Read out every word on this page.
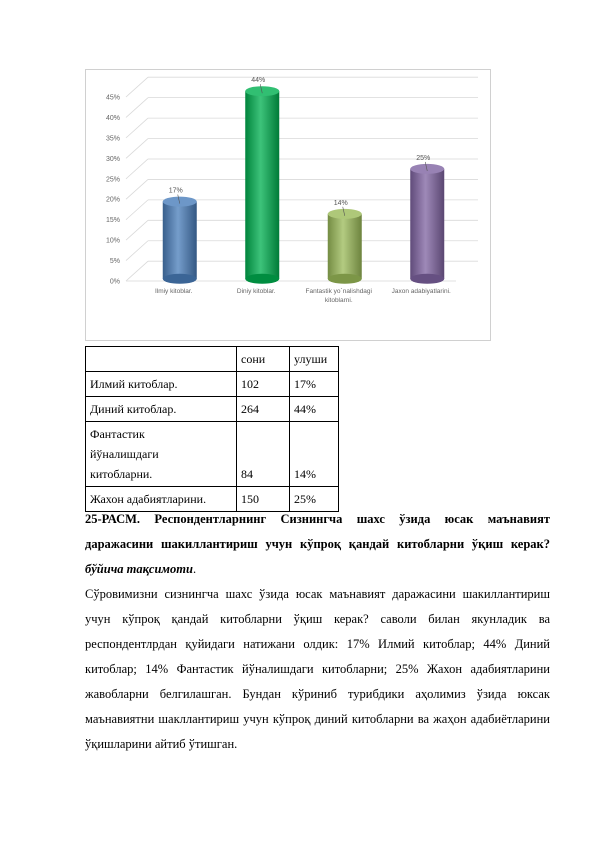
0%
5%
10%
15%
20%
25%
30%
35%
40%
45%
17%
Ilmiy kitoblar.
44%
Diniy kitoblar.
14%
Fantastik yo`nalishdagi
kitoblarni.
25%
Jaxon adabiyatlarini.
	сони	улуши

Илмий китоблар.	102	17%

Диний китоблар.	264	44%

Фантастик
йўналишдаги
китобларни.	84	14%

Жахон адабиятларини.	150	25%

25-РАСМ. Респондентларнинг Сизнингча шахс ўзида юсак маънавият даражасини шакиллантириш учун кўпроқ қандай китобларни ўқиш керак? бўйича тақсимоти.

Сўровимизни сизнингча шахс ўзида юсак маънавият даражасини шакиллантириш учун кўпроқ қандай китобларни ўқиш керак? саволи билан якунладик ва респондентлрдан қуйидаги натижани олдик: 17% Илмий китоблар; 44% Диний китоблар; 14% Фантастик йўналишдаги китобларни; 25% Жахон адабиятларини жавобларни белгилашган. Бундан кўриниб турибдики аҳолимиз ўзида юксак маънавиятни шакллантириш учун кўпроқ диний китобларни ва жаҳон адабиётларини ўқишларини айтиб ўтишган.
